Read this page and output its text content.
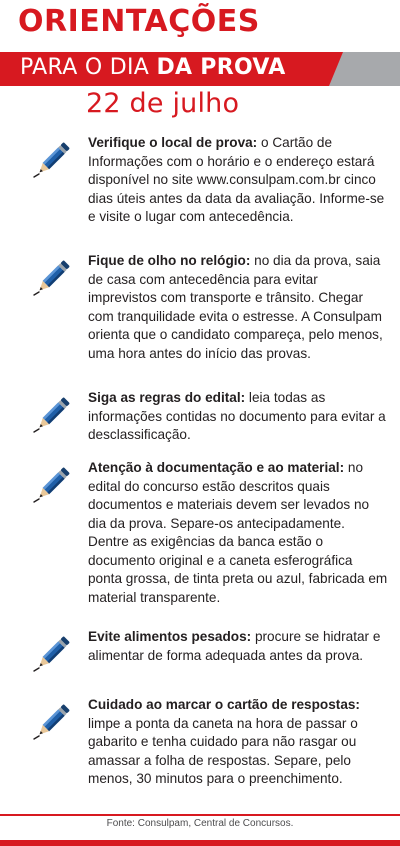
ORIENTAÇÕES
PARA O DIA DA PROVA
22 de julho

Verifique o local de prova: o Cartão de Informações com o horário e o endereço estará disponível no site www.consulpam.com.br cinco dias úteis antes da data da avaliação. Informe-se e visite o lugar com antecedência.

Fique de olho no relógio: no dia da prova, saia de casa com antecedência para evitar imprevistos com transporte e trânsito. Chegar com tranquilidade evita o estresse. A Consulpam orienta que o candidato compareça, pelo menos, uma hora antes do início das provas.

Siga as regras do edital: leia todas as informações contidas no documento para evitar a desclassificação.

Atenção à documentação e ao material: no edital do concurso estão descritos quais documentos e materiais devem ser levados no dia da prova. Separe-os antecipadamente. Dentre as exigências da banca estão o documento original e a caneta esferográfica ponta grossa, de tinta preta ou azul, fabricada em material transparente.

Evite alimentos pesados: procure se hidratar e alimentar de forma adequada antes da prova.

Cuidado ao marcar o cartão de respostas: limpe a ponta da caneta na hora de passar o gabarito e tenha cuidado para não rasgar ou amassar a folha de respostas. Separe, pelo menos, 30 minutos para o preenchimento.

Fonte: Consulpam, Central de Concursos.
